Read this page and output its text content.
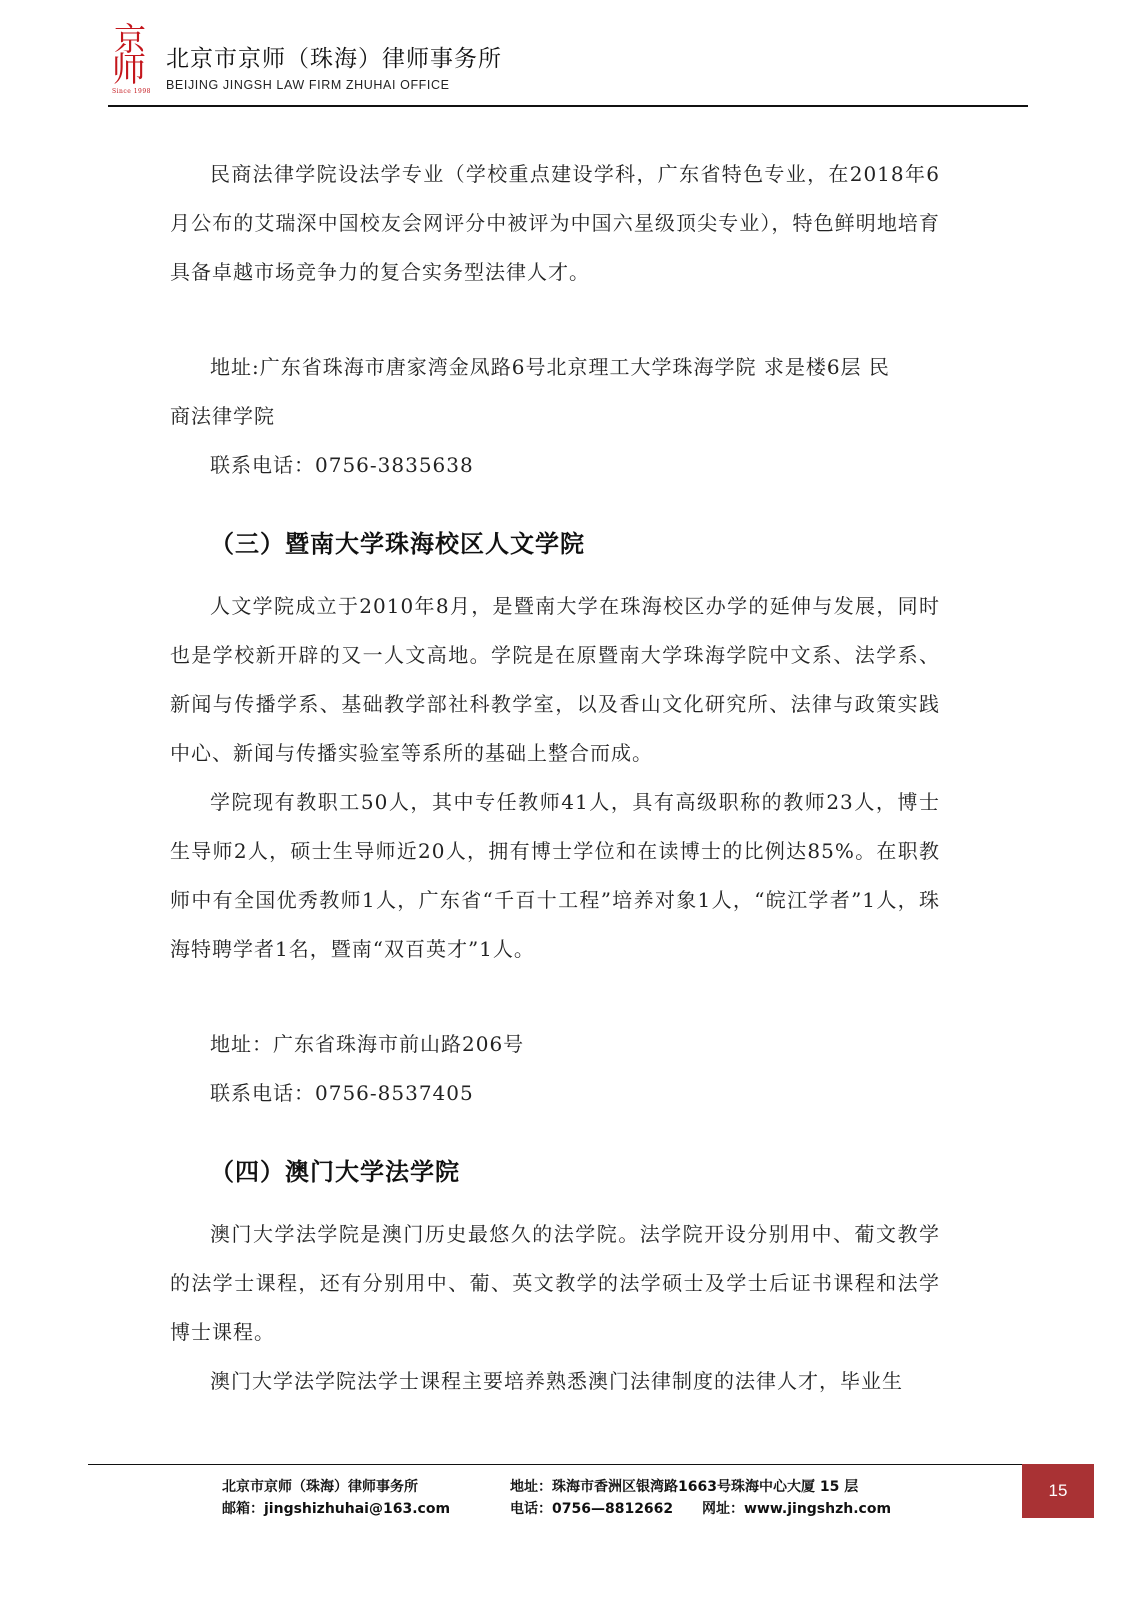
京
师
Since 1998
北京市京师（珠海）律师事务所
BEIJING JINGSH LAW FIRM ZHUHAI OFFICE

民商法律学院设法学专业（学校重点建设学科，广东省特色专业，在2018年6月公布的艾瑞深中国校友会网评分中被评为中国六星级顶尖专业），特色鲜明地培育具备卓越市场竞争力的复合实务型法律人才。

地址:广东省珠海市唐家湾金凤路6号北京理工大学珠海学院 求是楼6层 民

商法律学院

联系电话：0756-3835638

（三）暨南大学珠海校区人文学院

人文学院成立于2010年8月，是暨南大学在珠海校区办学的延伸与发展，同时也是学校新开辟的又一人文高地。学院是在原暨南大学珠海学院中文系、法学系、新闻与传播学系、基础教学部社科教学室，以及香山文化研究所、法律与政策实践中心、新闻与传播实验室等系所的基础上整合而成。

学院现有教职工50人，其中专任教师41人，具有高级职称的教师23人，博士生导师2人，硕士生导师近20人，拥有博士学位和在读博士的比例达85%。在职教师中有全国优秀教师1人，广东省“千百十工程”培养对象1人，“皖江学者”1人，珠海特聘学者1名，暨南“双百英才”1人。

地址：广东省珠海市前山路206号

联系电话：0756-8537405

（四）澳门大学法学院

澳门大学法学院是澳门历史最悠久的法学院。法学院开设分别用中、葡文教学的法学士课程，还有分别用中、葡、英文教学的法学硕士及学士后证书课程和法学博士课程。

澳门大学法学院法学士课程主要培养熟悉澳门法律制度的法律人才，毕业生

北京市京师（珠海）律师事务所	地址：珠海市香洲区银湾路1663号珠海中心大厦 15 层
邮箱：jingshizhuhai@163.com	电话：0756—8812662 网址：www.jingshzh.com
15
